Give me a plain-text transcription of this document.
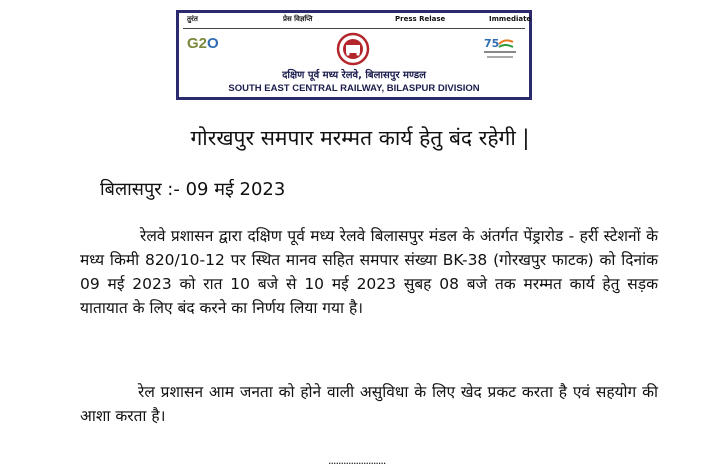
तुरंत	प्रेस विज्ञप्ति	Press Relase	Immediate
G2O	75
दक्षिण पूर्व मध्य रेलवे, बिलासपुर मण्डल
SOUTH EAST CENTRAL RAILWAY, BILASPUR DIVISION
गोरखपुर समपार मरम्मत कार्य हेतु बंद रहेगी |
बिलासपुर :- 09 मई 2023
रेलवे प्रशासन द्वारा दक्षिण पूर्व मध्य रेलवे बिलासपुर मंडल के अंतर्गत पेंड्रारोड - हर्री स्टेशनों के मध्य किमी 820/10-12 पर स्थित मानव सहित समपार संख्या BK-38 (गोरखपुर फाटक) को दिनांक 09 मई 2023 को रात 10 बजे से 10 मई 2023 सुबह 08 बजे तक मरम्मत कार्य हेतु सड़क यातायात के लिए बंद करने का निर्णय लिया गया है।
रेल प्रशासन आम जनता को होने वाली असुविधा के लिए खेद प्रकट करता है एवं सहयोग की आशा करता है।
.......................
